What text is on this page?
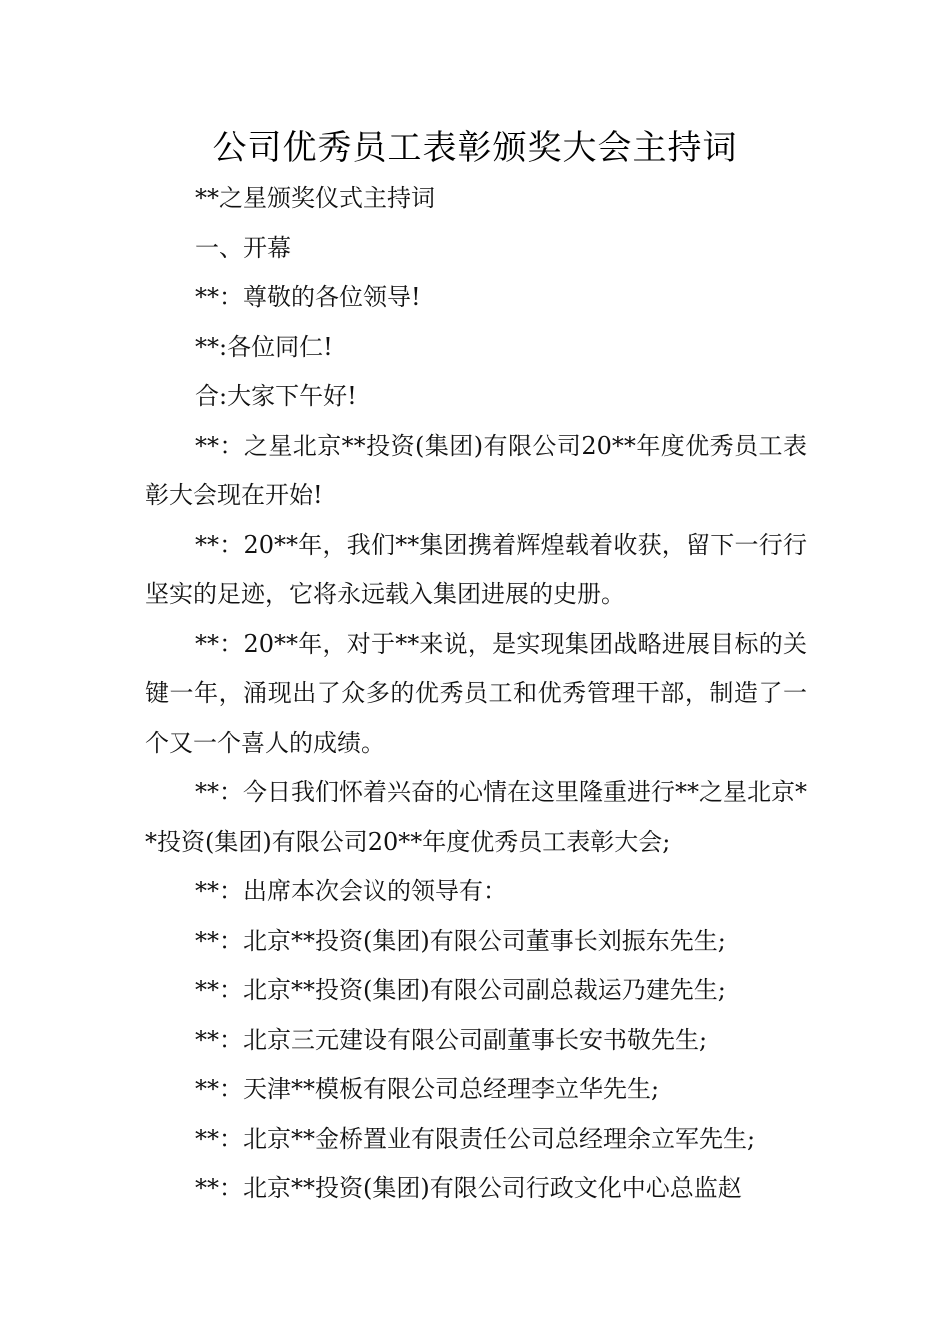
公司优秀员工表彰颁奖大会主持词

**之星颁奖仪式主持词

一、开幕

**：尊敬的各位领导!

**:各位同仁!

合:大家下午好!

**：之星北京**投资(集团)有限公司20**年度优秀员工表彰大会现在开始!

**：20**年，我们**集团携着辉煌载着收获，留下一行行坚实的足迹，它将永远载入集团进展的史册。

**：20**年，对于**来说，是实现集团战略进展目标的关键一年，涌现出了众多的优秀员工和优秀管理干部，制造了一个又一个喜人的成绩。

**：今日我们怀着兴奋的心情在这里隆重进行**之星北京**投资(集团)有限公司20**年度优秀员工表彰大会;

**：出席本次会议的领导有：

**：北京**投资(集团)有限公司董事长刘振东先生;

**：北京**投资(集团)有限公司副总裁运乃建先生;

**：北京三元建设有限公司副董事长安书敬先生;

**：天津**模板有限公司总经理李立华先生;

**：北京**金桥置业有限责任公司总经理余立军先生;

**：北京**投资(集团)有限公司行政文化中心总监赵
